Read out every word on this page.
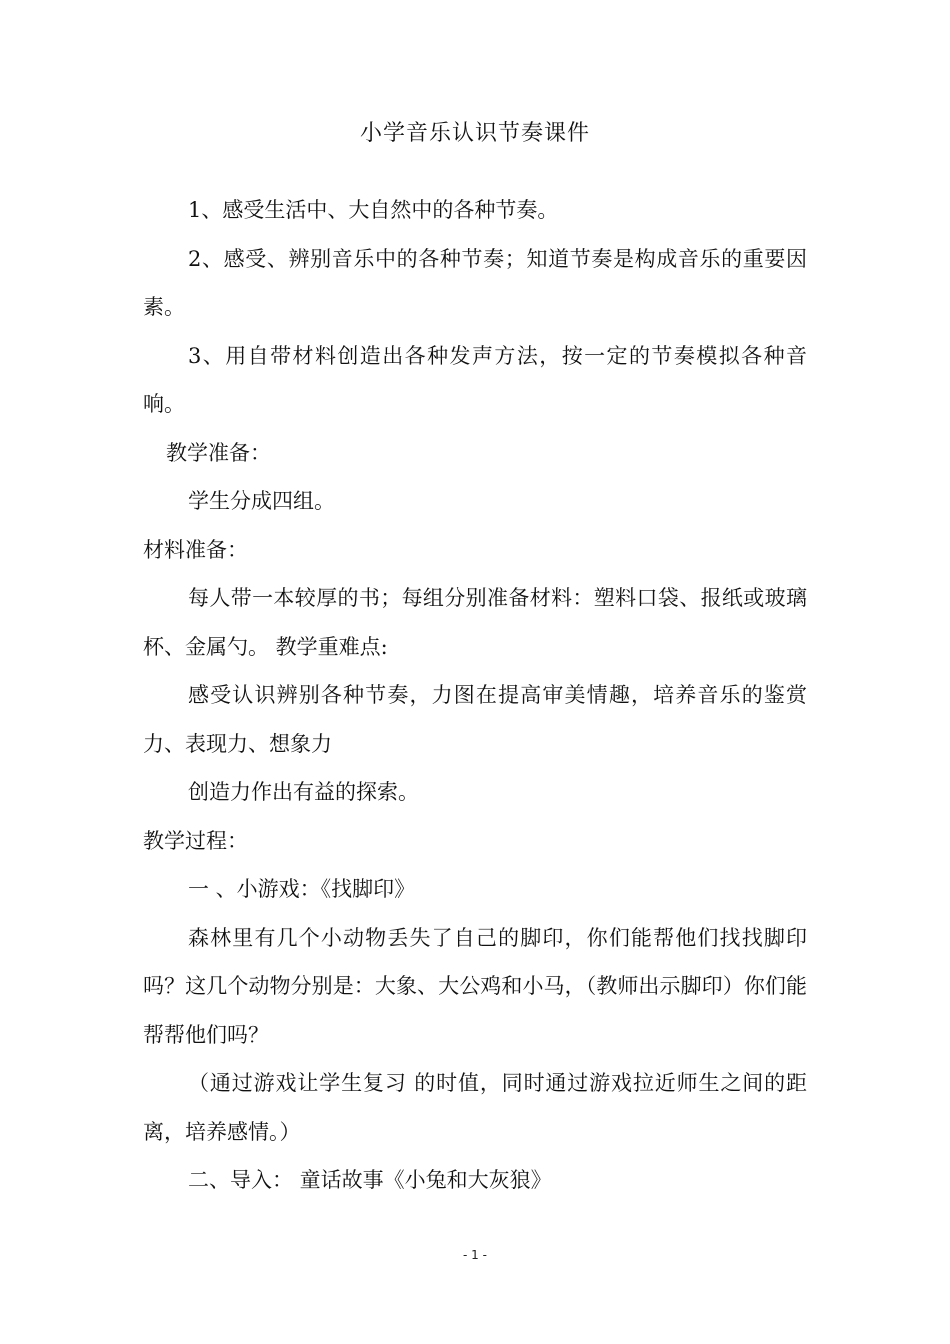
小学音乐认识节奏课件

1、感受生活中、大自然中的各种节奏。

2、感受、辨别音乐中的各种节奏；知道节奏是构成音乐的重要因素。

3、用自带材料创造出各种发声方法，按一定的节奏模拟各种音响。

教学准备：

学生分成四组。

材料准备：

每人带一本较厚的书；每组分别准备材料：塑料口袋、报纸或玻璃杯、金属勺。 教学重难点:

感受认识辨别各种节奏，力图在提高审美情趣，培养音乐的鉴赏力、表现力、想象力

创造力作出有益的探索。

教学过程：

一 、小游戏：《找脚印》

森林里有几个小动物丢失了自己的脚印，你们能帮他们找找脚印吗？这几个动物分别是：大象、大公鸡和小马，（教师出示脚印）你们能帮帮他们吗？

（通过游戏让学生复习 的时值，同时通过游戏拉近师生之间的距离，培养感情。）

二、导入： 童话故事《小兔和大灰狼》

- 1 -
